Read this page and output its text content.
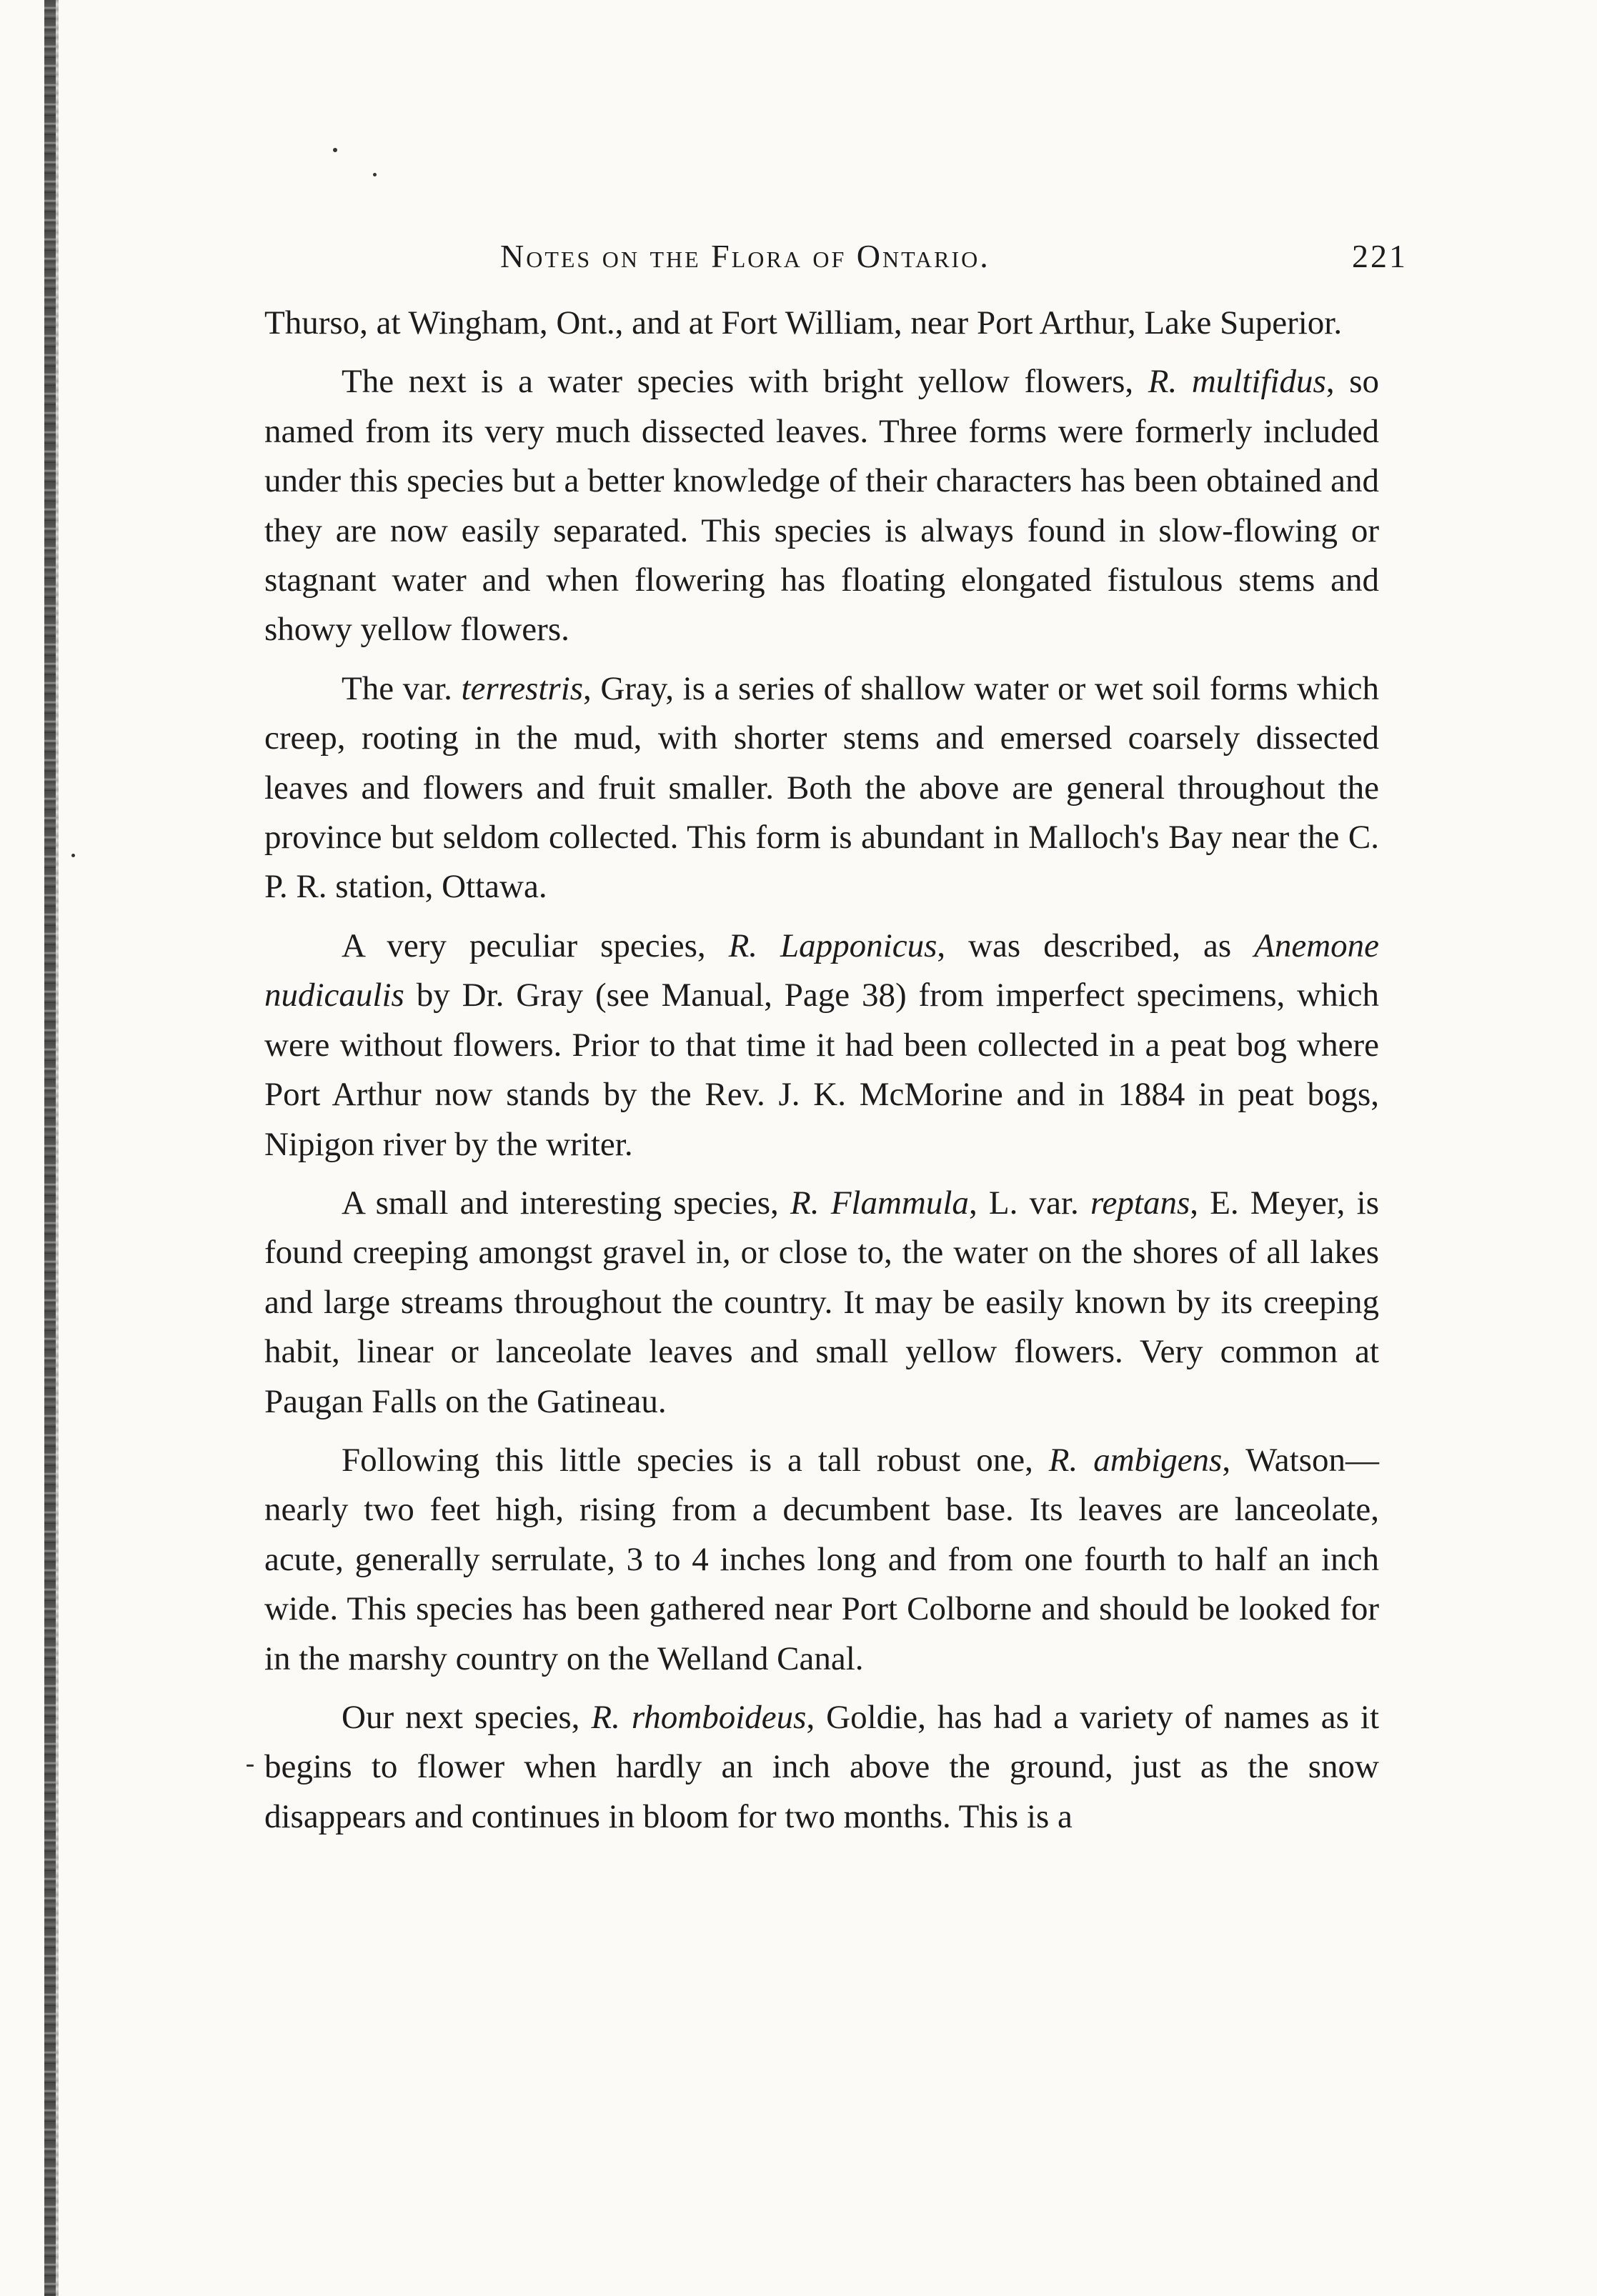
Notes on the Flora of Ontario.	221

Thurso, at Wingham, Ont., and at Fort William, near Port Arthur, Lake Superior.

The next is a water species with bright yellow flowers, R. multifidus, so named from its very much dissected leaves. Three forms were formerly included under this species but a better knowledge of their characters has been obtained and they are now easily separated. This species is always found in slow-flowing or stagnant water and when flowering has floating elongated fistulous stems and showy yellow flowers.

The var. terrestris, Gray, is a series of shallow water or wet soil forms which creep, rooting in the mud, with shorter stems and emersed coarsely dissected leaves and flowers and fruit smaller. Both the above are general throughout the province but seldom collected. This form is abundant in Malloch's Bay near the C. P. R. station, Ottawa.

A very peculiar species, R. Lapponicus, was described, as Anemone nudicaulis by Dr. Gray (see Manual, Page 38) from imperfect specimens, which were without flowers. Prior to that time it had been collected in a peat bog where Port Arthur now stands by the Rev. J. K. McMorine and in 1884 in peat bogs, Nipigon river by the writer.

A small and interesting species, R. Flammula, L. var. reptans, E. Meyer, is found creeping amongst gravel in, or close to, the water on the shores of all lakes and large streams throughout the country. It may be easily known by its creeping habit, linear or lanceolate leaves and small yellow flowers. Very common at Paugan Falls on the Gatineau.

Following this little species is a tall robust one, R. ambigens, Watson—nearly two feet high, rising from a decumbent base. Its leaves are lanceolate, acute, generally serrulate, 3 to 4 inches long and from one fourth to half an inch wide. This species has been gathered near Port Colborne and should be looked for in the marshy country on the Welland Canal.

Our next species, R. rhomboideus, Goldie, has had a variety of names as it begins to flower when hardly an inch above the ground, just as the snow disappears and continues in bloom for two months. This is a
